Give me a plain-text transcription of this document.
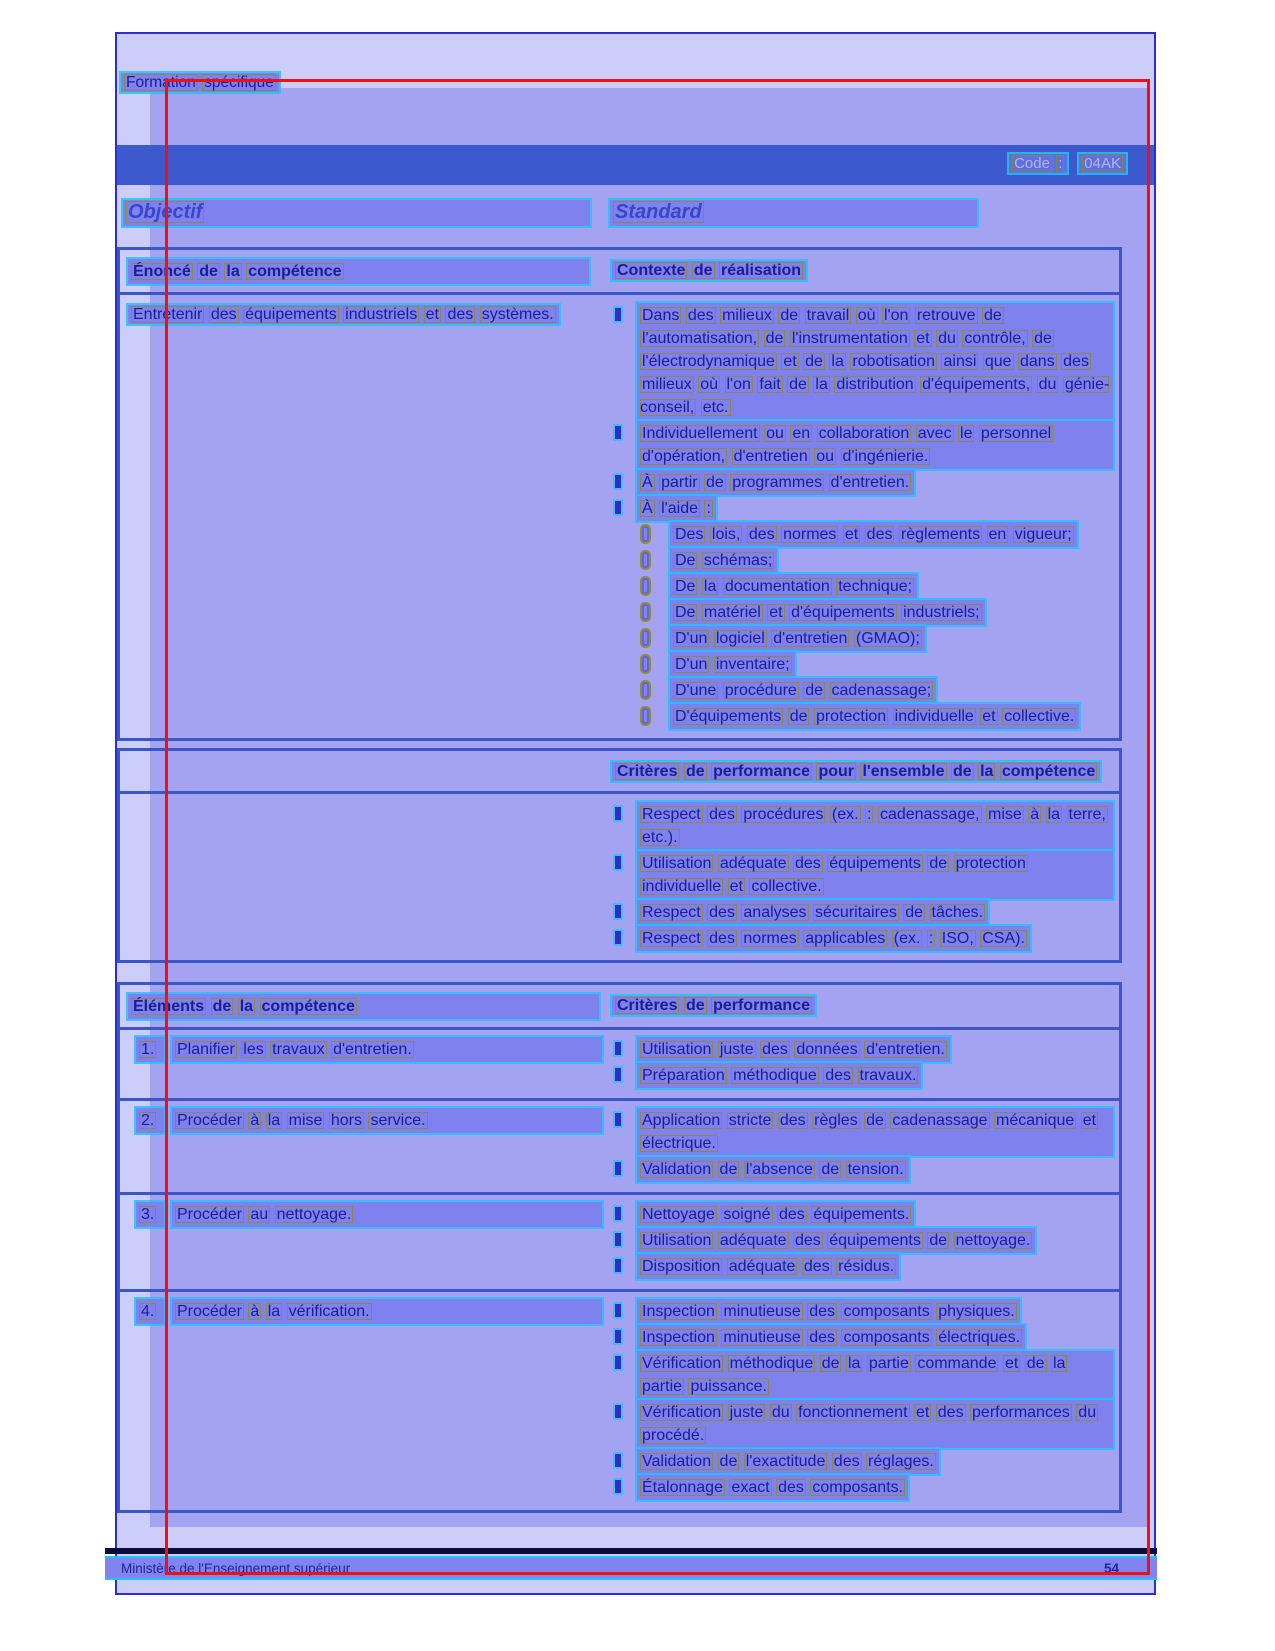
Formation spécifique
Code :	04AK
Objectif	Standard
Énoncé de la compétence	Contexte de réalisation
Entretenir des équipements industriels et des systèmes.	Dans des milieux de travail où l'on retrouve de l'automatisation, de l'instrumentation et du contrôle, de l'électrodynamique et de la robotisation ainsi que dans des milieux où l'on fait de la distribution d'équipements, du génie-conseil, etc.
Individuellement ou en collaboration avec le personnel d'opération, d'entretien ou d'ingénierie.
À partir de programmes d'entretien.
À l'aide :
Des lois, des normes et des règlements en vigueur;
De schémas;
De la documentation technique;
De matériel et d'équipements industriels;
D'un logiciel d'entretien (GMAO);
D'un inventaire;
D'une procédure de cadenassage;
D'équipements de protection individuelle et collective.
Critères de performance pour l'ensemble de la compétence
Respect des procédures (ex. : cadenassage, mise à la terre, etc.).
Utilisation adéquate des équipements de protection individuelle et collective.
Respect des analyses sécuritaires de tâches.
Respect des normes applicables (ex. : ISO, CSA).
Éléments de la compétence	Critères de performance
1.	Planifier les travaux d'entretien.	Utilisation juste des données d'entretien.
Préparation méthodique des travaux.
2.	Procéder à la mise hors service.	Application stricte des règles de cadenassage mécanique et électrique.
Validation de l'absence de tension.
3.	Procéder au nettoyage.	Nettoyage soigné des équipements.
Utilisation adéquate des équipements de nettoyage.
Disposition adéquate des résidus.
4.	Procéder à la vérification.	Inspection minutieuse des composants physiques.
Inspection minutieuse des composants électriques.
Vérification méthodique de la partie commande et de la partie puissance.
Vérification juste du fonctionnement et des performances du procédé.
Validation de l'exactitude des réglages.
Étalonnage exact des composants.
Ministère de l'Enseignement supérieur	54
